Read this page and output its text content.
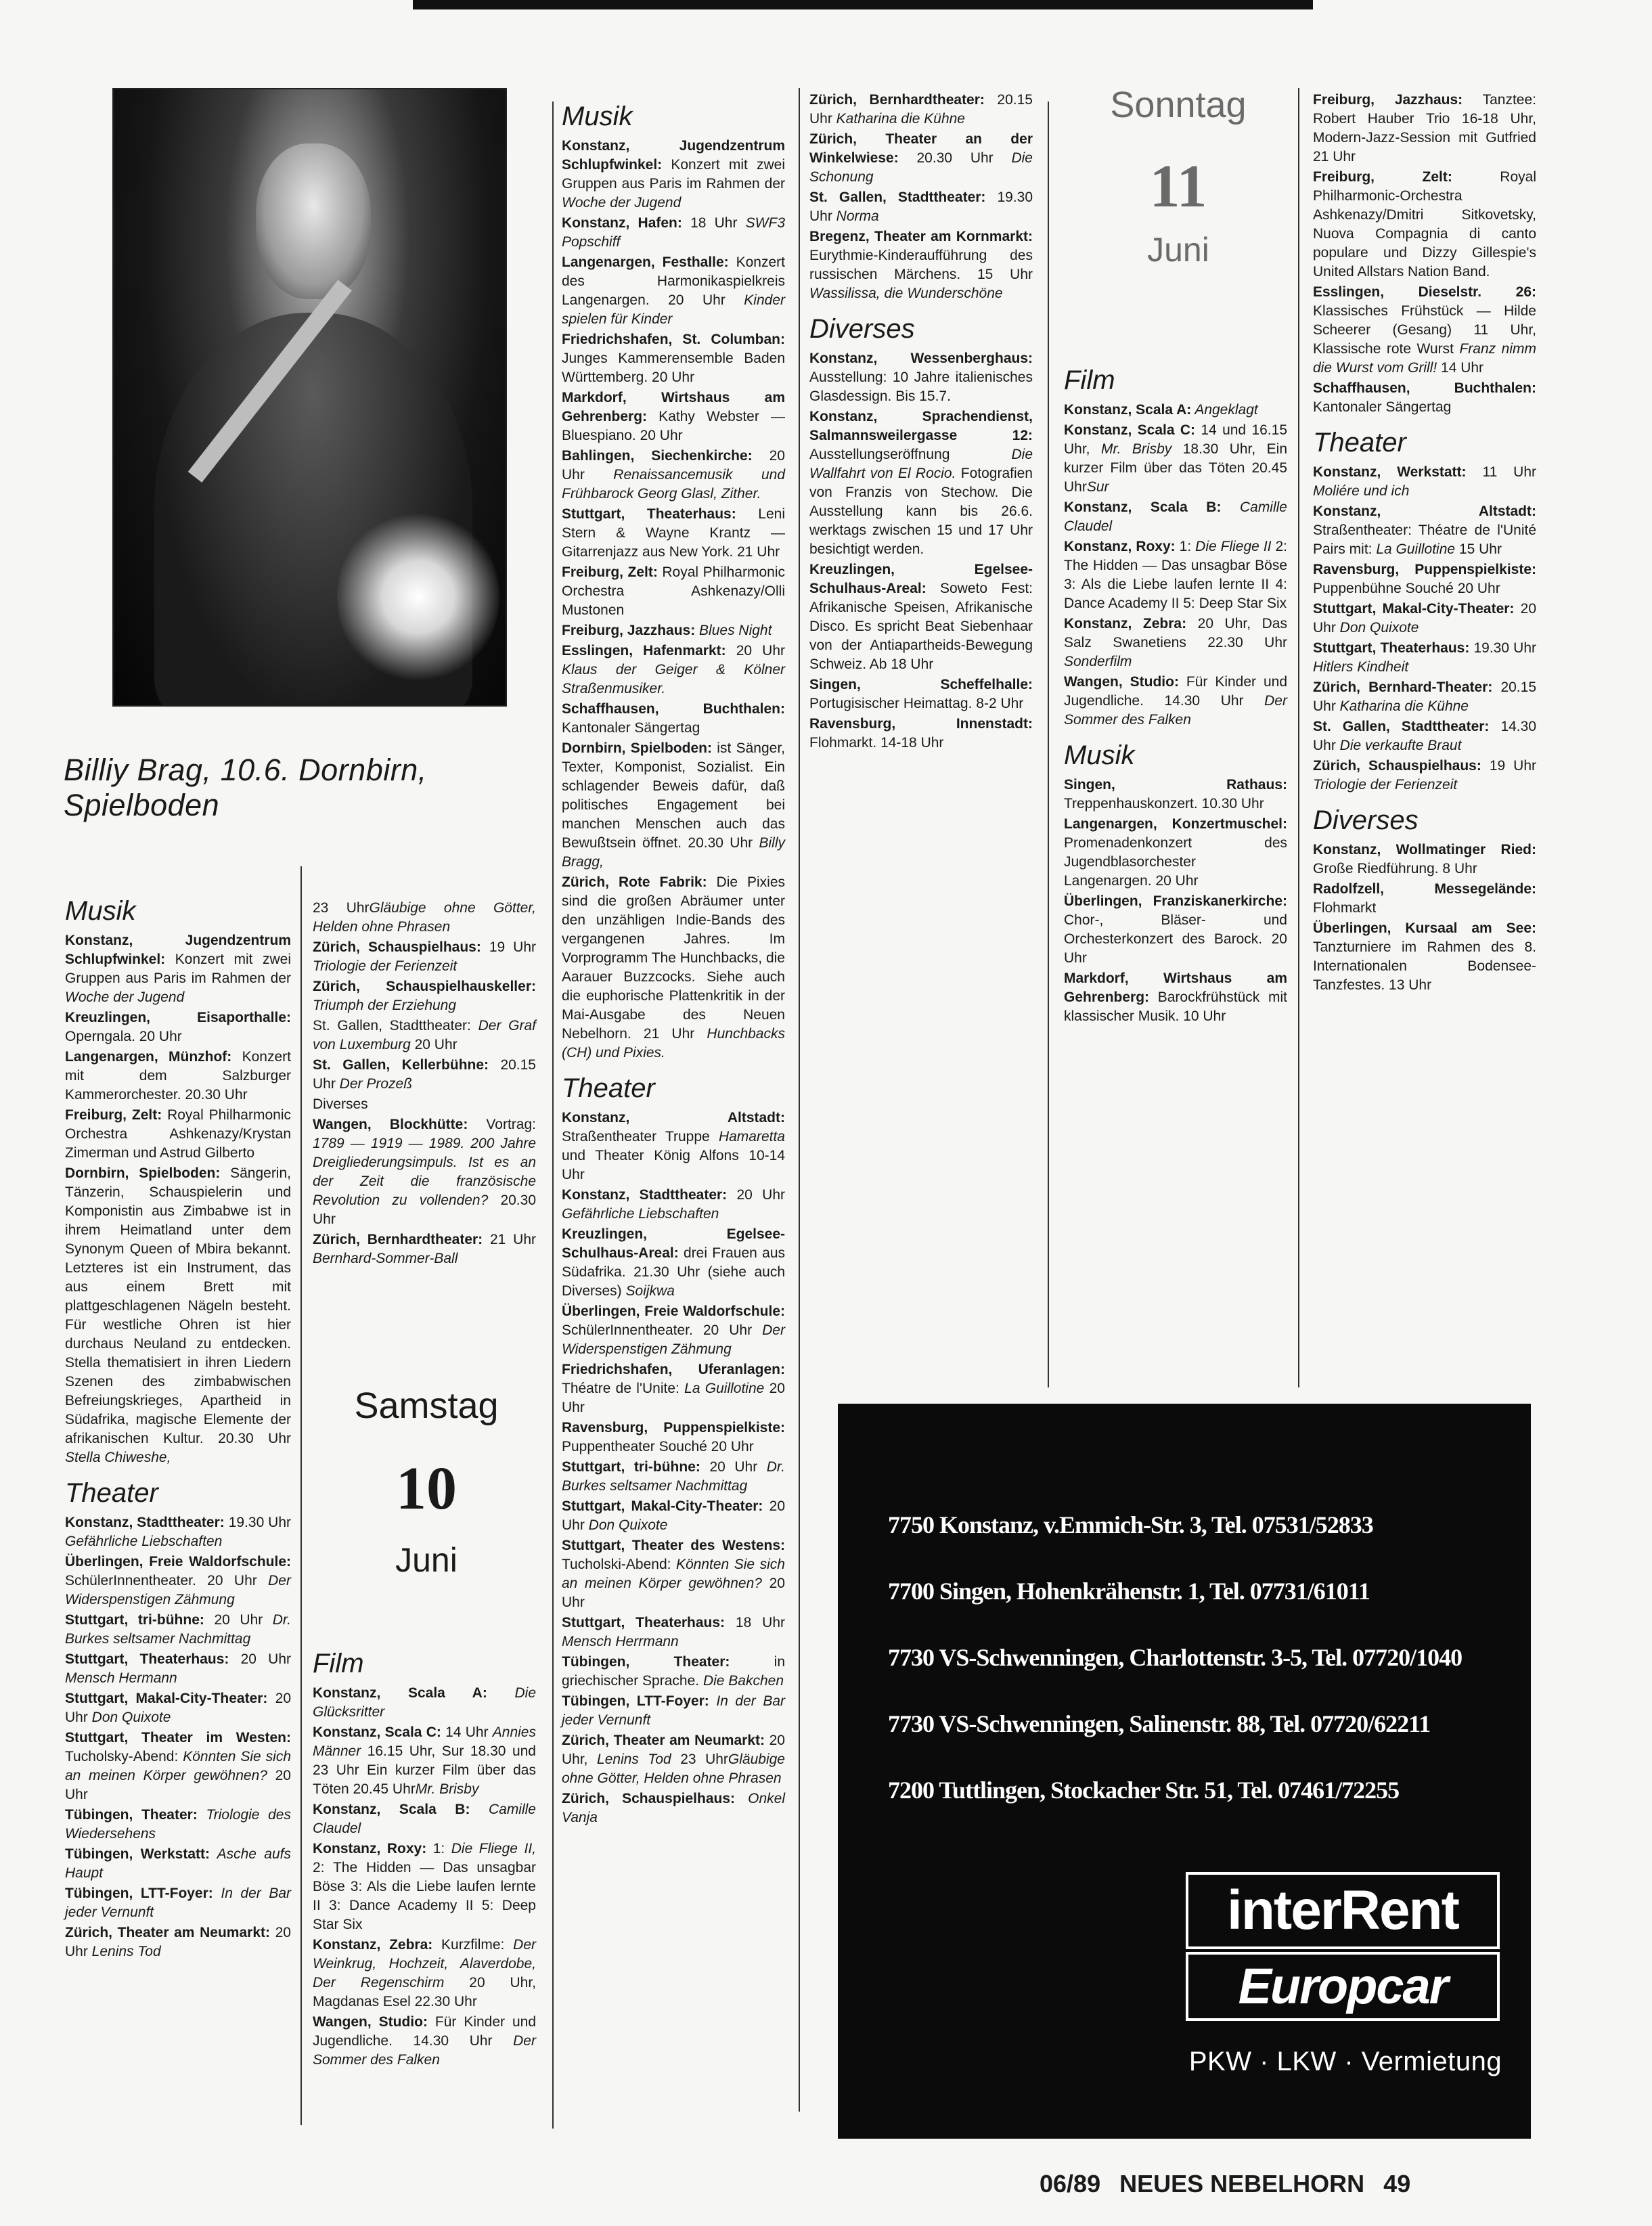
Billiy Brag, 10.6. Dornbirn, Spielboden
Musik

Konstanz, Jugendzentrum Schlupfwinkel: Konzert mit zwei Gruppen aus Paris im Rahmen der Woche der Jugend

Kreuzlingen, Eisaporthalle: Operngala. 20 Uhr

Langenargen, Münzhof: Konzert mit dem Salzburger Kammerorchester. 20.30 Uhr

Freiburg, Zelt: Royal Philharmonic Orchestra Ashkenazy/Krystan Zimerman und Astrud Gilberto

Dornbirn, Spielboden: Sängerin, Tänzerin, Schauspielerin und Komponistin aus Zimbabwe ist in ihrem Heimatland unter dem Synonym Queen of Mbira bekannt. Letzteres ist ein Instrument, das aus einem Brett mit plattgeschlagenen Nägeln besteht. Für westliche Ohren ist hier durchaus Neuland zu entdecken. Stella thematisiert in ihren Liedern Szenen des zimbabwischen Befreiungskrieges, Apartheid in Südafrika, magische Elemente der afrikanischen Kultur. 20.30 Uhr Stella Chiweshe,

Theater

Konstanz, Stadttheater: 19.30 Uhr Gefährliche Liebschaften

Überlingen, Freie Waldorfschule: SchülerInnentheater. 20 Uhr Der Widerspenstigen Zähmung

Stuttgart, tri-bühne: 20 Uhr Dr. Burkes seltsamer Nachmittag

Stuttgart, Theaterhaus: 20 Uhr Mensch Hermann

Stuttgart, Makal-City-Theater: 20 Uhr Don Quixote

Stuttgart, Theater im Westen: Tucholsky-Abend: Könnten Sie sich an meinen Körper gewöhnen? 20 Uhr

Tübingen, Theater: Triologie des Wiedersehens

Tübingen, Werkstatt: Asche aufs Haupt

Tübingen, LTT-Foyer: In der Bar jeder Vernunft

Zürich, Theater am Neumarkt: 20 Uhr Lenins Tod

23 UhrGläubige ohne Götter, Helden ohne Phrasen

Zürich, Schauspielhaus: 19 Uhr Triologie der Ferienzeit

Zürich, Schauspielhauskeller: Triumph der Erziehung

St. Gallen, Stadttheater: Der Graf von Luxemburg 20 Uhr

St. Gallen, Kellerbühne: 20.15 Uhr Der Prozeß

Diverses

Wangen, Blockhütte: Vortrag: 1789 — 1919 — 1989. 200 Jahre Dreigliederungsimpuls. Ist es an der Zeit die französische Revolution zu vollenden? 20.30 Uhr

Zürich, Bernhardtheater: 21 Uhr Bernhard-Sommer-Ball

Samstag
10
Juni
Film

Konstanz, Scala A: Die Glücksritter

Konstanz, Scala C: 14 Uhr Annies Männer 16.15 Uhr, Sur 18.30 und 23 Uhr Ein kurzer Film über das Töten 20.45 UhrMr. Brisby

Konstanz, Scala B: Camille Claudel

Konstanz, Roxy: 1: Die Fliege II, 2: The Hidden — Das unsagbar Böse 3: Als die Liebe laufen lernte II 3: Dance Academy II 5: Deep Star Six

Konstanz, Zebra: Kurzfilme: Der Weinkrug, Hochzeit, Alaverdobe, Der Regenschirm 20 Uhr, Magdanas Esel 22.30 Uhr

Wangen, Studio: Für Kinder und Jugendliche. 14.30 Uhr Der Sommer des Falken

Musik

Konstanz, Jugendzentrum Schlupfwinkel: Konzert mit zwei Gruppen aus Paris im Rahmen der Woche der Jugend

Konstanz, Hafen: 18 Uhr SWF3 Popschiff

Langenargen, Festhalle: Konzert des Harmonikaspielkreis Langenargen. 20 Uhr Kinder spielen für Kinder

Friedrichshafen, St. Columban: Junges Kammerensemble Baden Württemberg. 20 Uhr

Markdorf, Wirtshaus am Gehrenberg: Kathy Webster — Bluespiano. 20 Uhr

Bahlingen, Siechenkirche: 20 Uhr Renaissancemusik und Frühbarock Georg Glasl, Zither.

Stuttgart, Theaterhaus: Leni Stern & Wayne Krantz — Gitarrenjazz aus New York. 21 Uhr

Freiburg, Zelt: Royal Philharmonic Orchestra Ashkenazy/Olli Mustonen

Freiburg, Jazzhaus: Blues Night

Esslingen, Hafenmarkt: 20 Uhr Klaus der Geiger & Kölner Straßenmusiker.

Schaffhausen, Buchthalen: Kantonaler Sängertag

Dornbirn, Spielboden: ist Sänger, Texter, Komponist, Sozialist. Ein schlagender Beweis dafür, daß politisches Engagement bei manchen Menschen auch das Bewußtsein öffnet. 20.30 Uhr Billy Bragg,

Zürich, Rote Fabrik: Die Pixies sind die großen Abräumer unter den unzähligen Indie-Bands des vergangenen Jahres. Im Vorprogramm The Hunchbacks, die Aarauer Buzzcocks. Siehe auch die euphorische Plattenkritik in der Mai-Ausgabe des Neuen Nebelhorn. 21 Uhr Hunchbacks (CH) und Pixies.

Theater

Konstanz, Altstadt: Straßentheater Truppe Hamaretta und Theater König Alfons 10-14 Uhr

Konstanz, Stadttheater: 20 Uhr Gefährliche Liebschaften

Kreuzlingen, Egelsee-Schulhaus-Areal: drei Frauen aus Südafrika. 21.30 Uhr (siehe auch Diverses) Soijkwa

Überlingen, Freie Waldorfschule: SchülerInnentheater. 20 Uhr Der Widerspenstigen Zähmung

Friedrichshafen, Uferanlagen: Théatre de l'Unite: La Guillotine 20 Uhr

Ravensburg, Puppenspielkiste: Puppentheater Souché 20 Uhr

Stuttgart, tri-bühne: 20 Uhr Dr. Burkes seltsamer Nachmittag

Stuttgart, Makal-City-Theater: 20 Uhr Don Quixote

Stuttgart, Theater des Westens: Tucholski-Abend: Könnten Sie sich an meinen Körper gewöhnen? 20 Uhr

Stuttgart, Theaterhaus: 18 Uhr Mensch Herrmann

Tübingen, Theater: in griechischer Sprache. Die Bakchen

Tübingen, LTT-Foyer: In der Bar jeder Vernunft

Zürich, Theater am Neumarkt: 20 Uhr, Lenins Tod 23 UhrGläubige ohne Götter, Helden ohne Phrasen

Zürich, Schauspielhaus: Onkel Vanja

Zürich, Bernhardtheater: 20.15 Uhr Katharina die Kühne

Zürich, Theater an der Winkelwiese: 20.30 Uhr Die Schonung

St. Gallen, Stadttheater: 19.30 Uhr Norma

Bregenz, Theater am Kornmarkt: Eurythmie-Kinderaufführung des russischen Märchens. 15 Uhr Wassilissa, die Wunderschöne

Diverses

Konstanz, Wessenberghaus: Ausstellung: 10 Jahre italienisches Glasdessign. Bis 15.7.

Konstanz, Sprachendienst, Salmannsweilergasse 12: Ausstellungseröffnung Die Wallfahrt von El Rocio. Fotografien von Franzis von Stechow. Die Ausstellung kann bis 26.6. werktags zwischen 15 und 17 Uhr besichtigt werden.

Kreuzlingen, Egelsee-Schulhaus-Areal: Soweto Fest: Afrikanische Speisen, Afrikanische Disco. Es spricht Beat Siebenhaar von der Antiapartheids-Bewegung Schweiz. Ab 18 Uhr

Singen, Scheffelhalle: Portugisischer Heimattag. 8-2 Uhr

Ravensburg, Innenstadt: Flohmarkt. 14-18 Uhr

Sonntag
11
Juni
Film

Konstanz, Scala A: Angeklagt

Konstanz, Scala C: 14 und 16.15 Uhr, Mr. Brisby 18.30 Uhr, Ein kurzer Film über das Töten 20.45 UhrSur

Konstanz, Scala B: Camille Claudel

Konstanz, Roxy: 1: Die Fliege II 2: The Hidden — Das unsagbar Böse 3: Als die Liebe laufen lernte II 4: Dance Academy II 5: Deep Star Six

Konstanz, Zebra: 20 Uhr, Das Salz Swanetiens 22.30 Uhr Sonderfilm

Wangen, Studio: Für Kinder und Jugendliche. 14.30 Uhr Der Sommer des Falken

Musik

Singen, Rathaus: Treppenhauskonzert. 10.30 Uhr

Langenargen, Konzertmuschel: Promenadenkonzert des Jugendblasorchester Langenargen. 20 Uhr

Überlingen, Franziskanerkirche: Chor-, Bläser- und Orchesterkonzert des Barock. 20 Uhr

Markdorf, Wirtshaus am Gehrenberg: Barockfrühstück mit klassischer Musik. 10 Uhr

Freiburg, Jazzhaus: Tanztee: Robert Hauber Trio 16-18 Uhr, Modern-Jazz-Session mit Gutfried 21 Uhr

Freiburg, Zelt: Royal Philharmonic-Orchestra Ashkenazy/Dmitri Sitkovetsky, Nuova Compagnia di canto populare und Dizzy Gillespie's United Allstars Nation Band.

Esslingen, Dieselstr. 26: Klassisches Frühstück — Hilde Scheerer (Gesang) 11 Uhr, Klassische rote Wurst Franz nimm die Wurst vom Grill! 14 Uhr

Schaffhausen, Buchthalen: Kantonaler Sängertag

Theater

Konstanz, Werkstatt: 11 Uhr Moliére und ich

Konstanz, Altstadt: Straßentheater: Théatre de l'Unité Pairs mit: La Guillotine 15 Uhr

Ravensburg, Puppenspielkiste: Puppenbühne Souché 20 Uhr

Stuttgart, Makal-City-Theater: 20 Uhr Don Quixote

Stuttgart, Theaterhaus: 19.30 Uhr Hitlers Kindheit

Zürich, Bernhard-Theater: 20.15 Uhr Katharina die Kühne

St. Gallen, Stadttheater: 14.30 Uhr Die verkaufte Braut

Zürich, Schauspielhaus: 19 Uhr Triologie der Ferienzeit

Diverses

Konstanz, Wollmatinger Ried: Große Riedführung. 8 Uhr

Radolfzell, Messegelände: Flohmarkt

Überlingen, Kursaal am See: Tanzturniere im Rahmen des 8. Internationalen Bodensee-Tanzfestes. 13 Uhr

7750 Konstanz, v.Emmich-Str. 3, Tel. 07531/52833
7700 Singen, Hohenkrähenstr. 1, Tel. 07731/61011
7730 VS-Schwenningen, Charlottenstr. 3-5, Tel. 07720/1040
7730 VS-Schwenningen, Salinenstr. 88, Tel. 07720/62211
7200 Tuttlingen, Stockacher Str. 51, Tel. 07461/72255
interRent
Europcar
PKW · LKW · Vermietung
06/89 NEUES NEBELHORN 49
